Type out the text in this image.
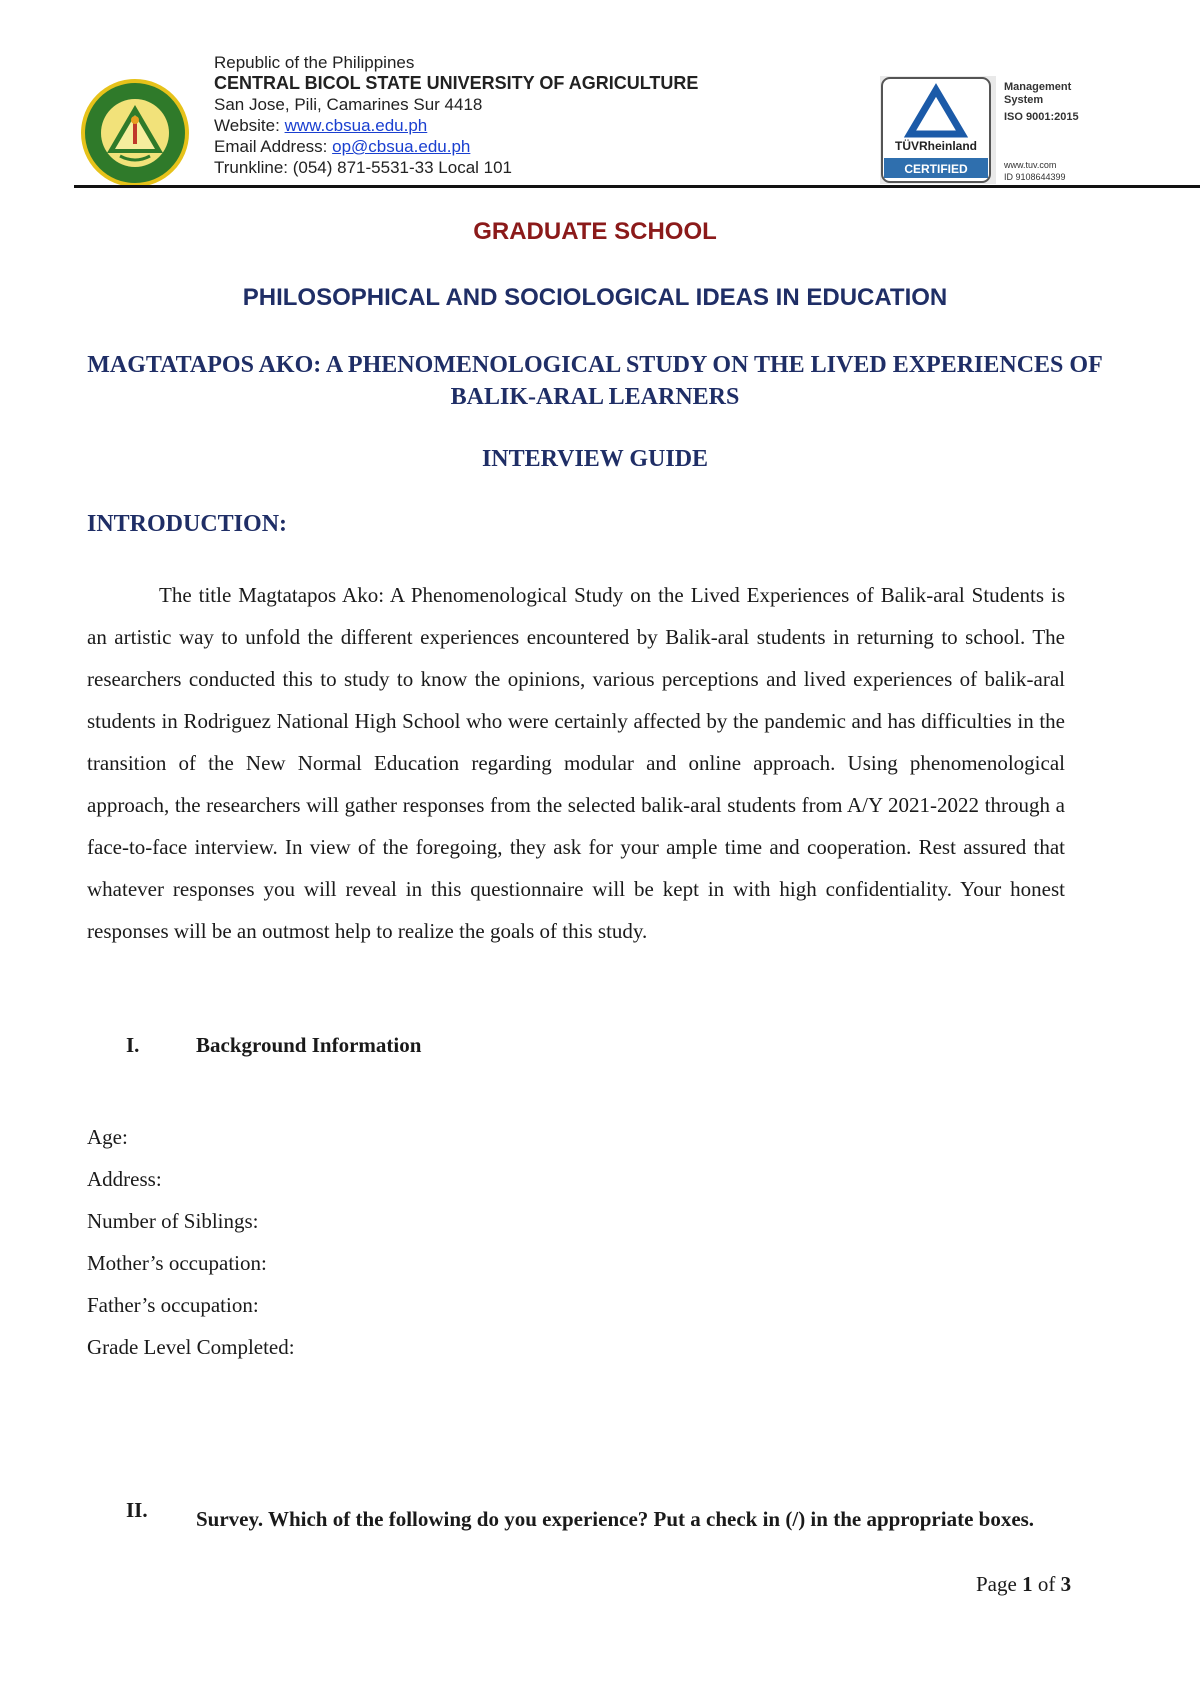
Republic of the Philippines
CENTRAL BICOL STATE UNIVERSITY OF AGRICULTURE
San Jose, Pili, Camarines Sur 4418
Website: www.cbsua.edu.ph
Email Address: op@cbsua.edu.ph
Trunkline: (054) 871-5531-33 Local 101
TÜVRheinland
CERTIFIED
Management
System
ISO 9001:2015
www.tuv.com
ID 9108644399
GRADUATE SCHOOL
PHILOSOPHICAL AND SOCIOLOGICAL IDEAS IN EDUCATION
MAGTATAPOS AKO: A PHENOMENOLOGICAL STUDY ON THE LIVED EXPERIENCES OF BALIK-ARAL LEARNERS
INTERVIEW GUIDE
INTRODUCTION:

The title Magtatapos Ako: A Phenomenological Study on the Lived Experiences of Balik-aral Students is an artistic way to unfold the different experiences encountered by Balik-aral students in returning to school. The researchers conducted this to study to know the opinions, various perceptions and lived experiences of balik-aral students in Rodriguez National High School who were certainly affected by the pandemic and has difficulties in the transition of the New Normal Education regarding modular and online approach. Using phenomenological approach, the researchers will gather responses from the selected balik-aral students from A/Y 2021-2022 through a face-to-face interview. In view of the foregoing, they ask for your ample time and cooperation. Rest assured that whatever responses you will reveal in this questionnaire will be kept in with high confidentiality. Your honest responses will be an outmost help to realize the goals of this study.

I.	Background Information
Age:
Address:
Number of Siblings:
Mother’s occupation:
Father’s occupation:
Grade Level Completed:
II. Survey. Which of the following do you experience? Put a check in (/) in the appropriate boxes.

Page 1 of 3
